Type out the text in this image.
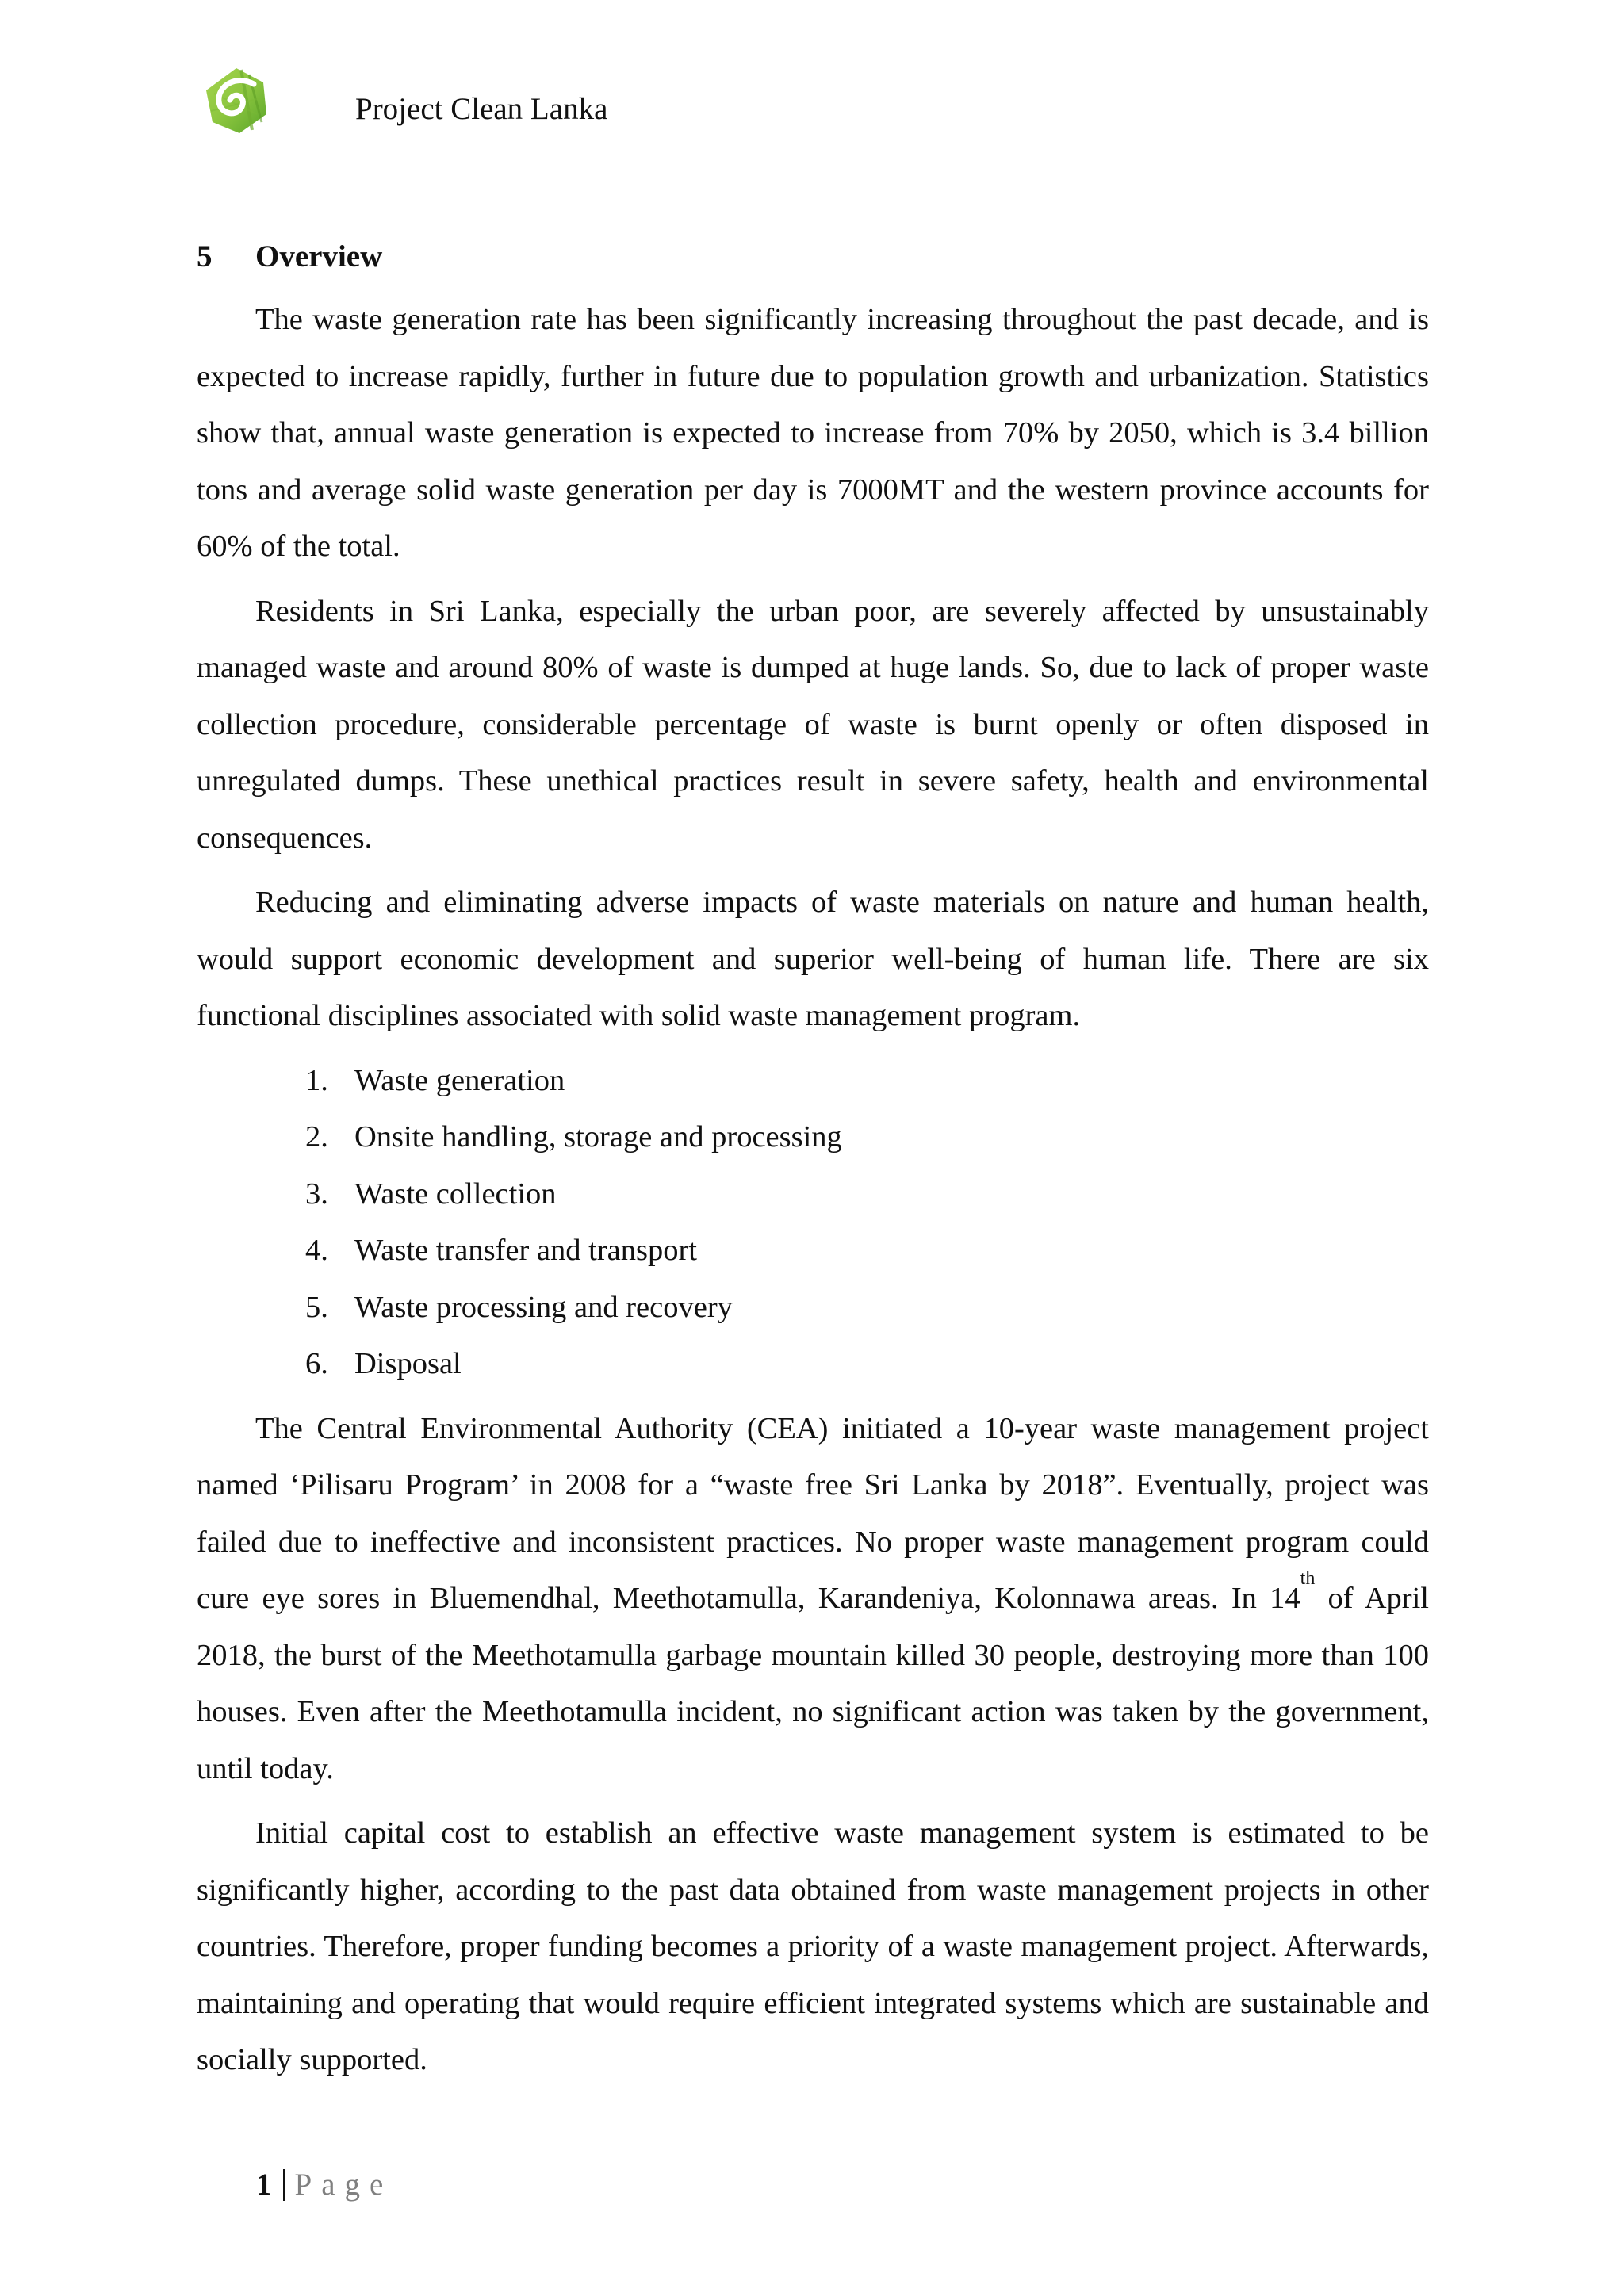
Project Clean Lanka
5	Overview

The waste generation rate has been significantly increasing throughout the past decade, and is expected to increase rapidly, further in future due to population growth and urbanization. Statistics show that, annual waste generation is expected to increase from 70% by 2050, which is 3.4 billion tons and average solid waste generation per day is 7000MT and the western province accounts for 60% of the total.

Residents in Sri Lanka, especially the urban poor, are severely affected by unsustainably managed waste and around 80% of waste is dumped at huge lands. So, due to lack of proper waste collection procedure, considerable percentage of waste is burnt openly or often disposed in unregulated dumps. These unethical practices result in severe safety, health and environmental consequences.

Reducing and eliminating adverse impacts of waste materials on nature and human health, would support economic development and superior well-being of human life. There are six functional disciplines associated with solid waste management program.

1. Waste generation
2. Onsite handling, storage and processing
3. Waste collection
4. Waste transfer and transport
5. Waste processing and recovery
6. Disposal

The Central Environmental Authority (CEA) initiated a 10-year waste management project named ‘Pilisaru Program’ in 2008 for a “waste free Sri Lanka by 2018”. Eventually, project was failed due to ineffective and inconsistent practices. No proper waste management program could cure eye sores in Bluemendhal, Meethotamulla, Karandeniya, Kolonnawa areas. In 14th of April 2018, the burst of the Meethotamulla garbage mountain killed 30 people, destroying more than 100 houses. Even after the Meethotamulla incident, no significant action was taken by the government, until today.

Initial capital cost to establish an effective waste management system is estimated to be significantly higher, according to the past data obtained from waste management projects in other countries. Therefore, proper funding becomes a priority of a waste management project. Afterwards, maintaining and operating that would require efficient integrated systems which are sustainable and socially supported.

1 Page
